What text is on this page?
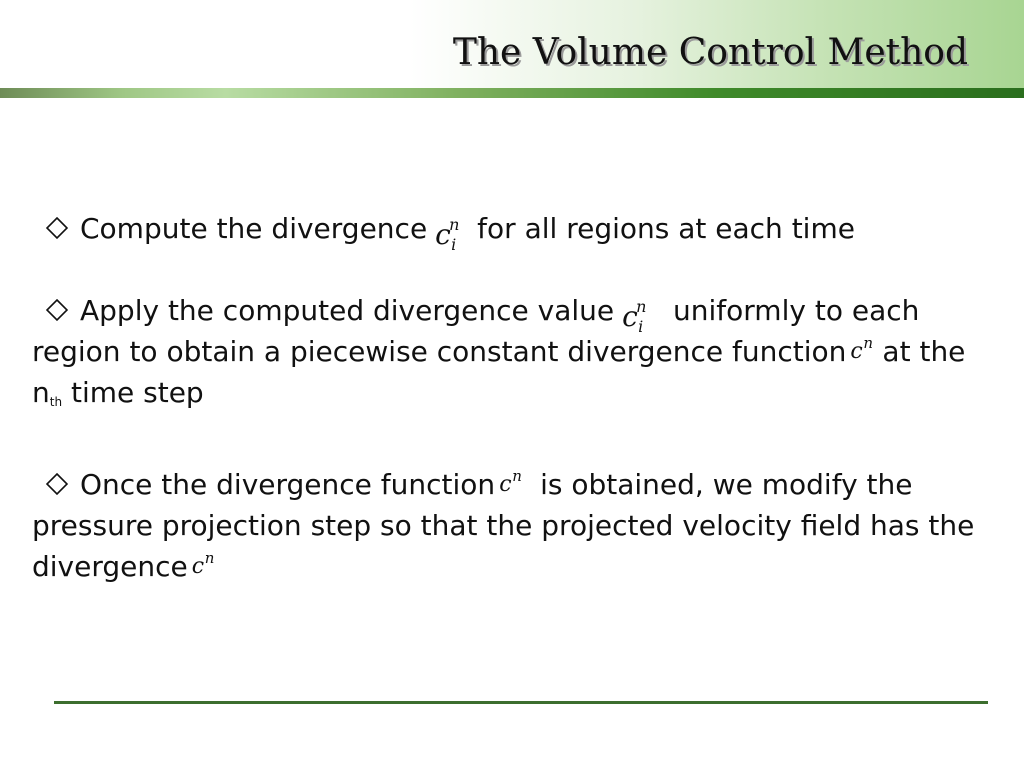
The Volume Control Method

Compute the divergence c
n
i for all regions at each time

Apply the computed divergence value c
n
i uniformly to each region to obtain a piecewise constant divergence function c n at the nth time step

Once the divergence function c n is obtained, we modify the pressure projection step so that the projected velocity field has the divergence c n
